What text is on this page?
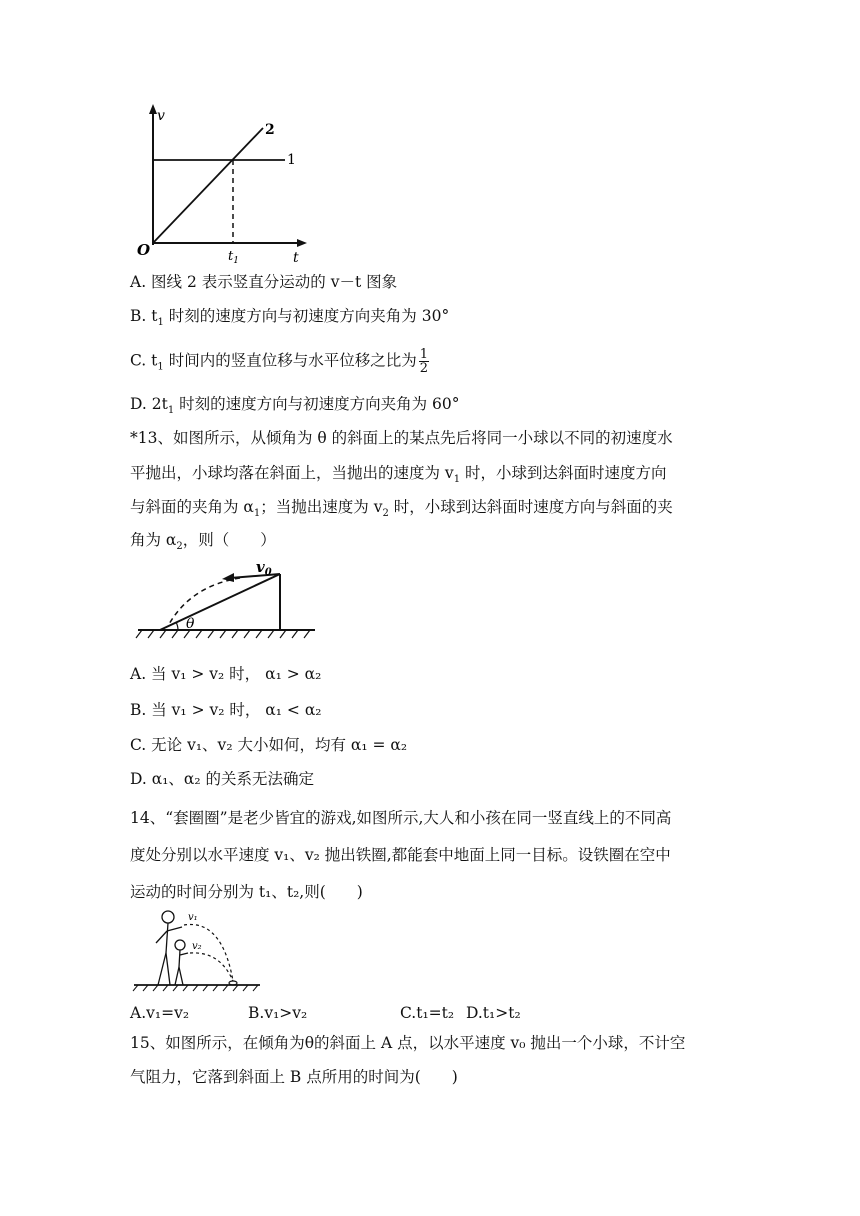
v
t
O	$t_1$
1
2
A. 图线 2 表示竖直分运动的 v－t 图象
B. $t_1$ 时刻的速度方向与初速度方向夹角为 30°
C. $t_1$ 时间内的竖直位移与水平位移之比为 $\frac{1}{2}$
D. $2t_1$ 时刻的速度方向与初速度方向夹角为 60°
*13、如图所示，从倾角为 θ 的斜面上的某点先后将同一小球以不同的初速度水
平抛出，小球均落在斜面上，当抛出的速度为 $v_1$ 时，小球到达斜面时速度方向
与斜面的夹角为 $\alpha_1$；当抛出速度为 $v_2$ 时，小球到达斜面时速度方向与斜面的夹
角为 $\alpha_2$，则（　　）
$v_0$
θ
A. 当 v₁ > v₂ 时， α₁ > α₂
B. 当 v₁ > v₂ 时， α₁ < α₂
C. 无论 v₁、v₂ 大小如何，均有 α₁ = α₂
D. α₁、α₂ 的关系无法确定
14、“套圈圈”是老少皆宜的游戏,如图所示,大人和小孩在同一竖直线上的不同高
度处分别以水平速度 v₁、v₂ 抛出铁圈,都能套中地面上同一目标。设铁圈在空中
运动的时间分别为 t₁、t₂,则(　　)
v₁
v₂
A.v₁=v₂	B.v₁>v₂	C.t₁=t₂ D.t₁>t₂
15、如图所示，在倾角为θ的斜面上 A 点，以水平速度 v₀ 抛出一个小球，不计空
气阻力，它落到斜面上 B 点所用的时间为(　　)
